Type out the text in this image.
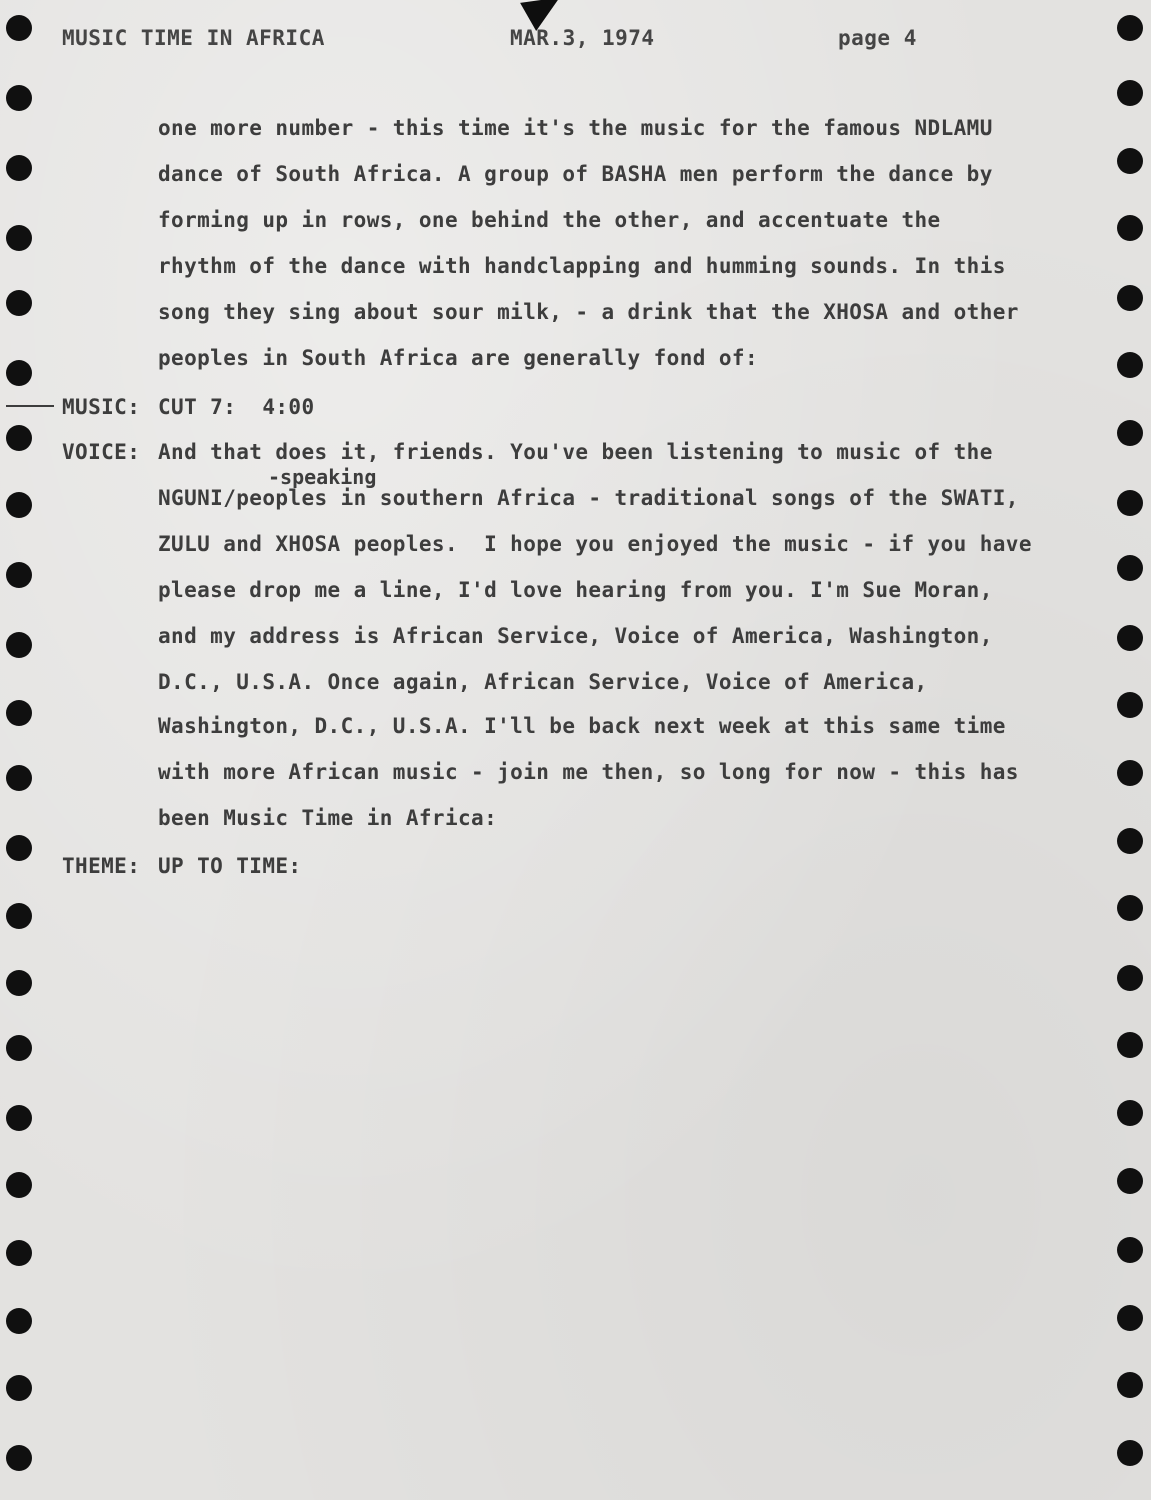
MUSIC TIME IN AFRICA	MAR.3, 1974	page 4
one more number - this time it's the music for the famous NDLAMU
dance of South Africa. A group of BASHA men perform the dance by
forming up in rows, one behind the other, and accentuate the
rhythm of the dance with handclapping and humming sounds. In this
song they sing about sour milk, - a drink that the XHOSA and other
peoples in South Africa are generally fond of:
MUSIC: CUT 7:  4:00
VOICE: And that does it, friends. You've been listening to music of the
-speaking
NGUNI/peoples in southern Africa - traditional songs of the SWATI,
ZULU and XHOSA peoples.  I hope you enjoyed the music - if you have
please drop me a line, I'd love hearing from you. I'm Sue Moran,
and my address is African Service, Voice of America, Washington,
D.C., U.S.A. Once again, African Service, Voice of America,
Washington, D.C., U.S.A. I'll be back next week at this same time
with more African music - join me then, so long for now - this has
been Music Time in Africa:
THEME: UP TO TIME:
